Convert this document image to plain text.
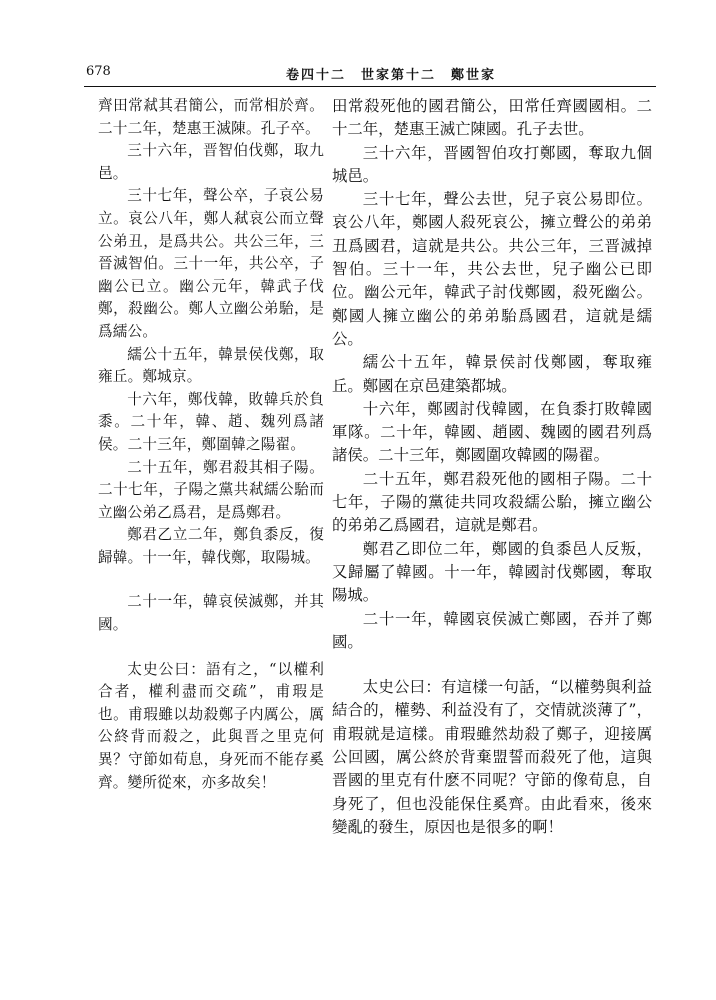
678	卷四十二　世家第十二　鄭世家

齊田常弒其君簡公，而常相於齊。二十二年，楚惠王滅陳。孔子卒。

三十六年，晋智伯伐鄭，取九邑。

三十七年，聲公卒，子哀公易立。哀公八年，鄭人弒哀公而立聲公弟丑，是爲共公。共公三年，三晉滅智伯。三十一年，共公卒，子幽公已立。幽公元年，韓武子伐鄭，殺幽公。鄭人立幽公弟駘，是爲繻公。

繻公十五年，韓景侯伐鄭，取雍丘。鄭城京。

十六年，鄭伐韓，敗韓兵於負黍。二十年，韓、趙、魏列爲諸侯。二十三年，鄭圍韓之陽翟。

二十五年，鄭君殺其相子陽。二十七年，子陽之黨共弒繻公駘而立幽公弟乙爲君，是爲鄭君。

鄭君乙立二年，鄭負黍反，復歸韓。十一年，韓伐鄭，取陽城。

二十一年，韓哀侯滅鄭，并其國。

太史公曰：語有之，“以權利合者，權利盡而交疏”，甫瑕是也。甫瑕雖以劫殺鄭子内厲公，厲公終背而殺之，此與晋之里克何異？守節如荀息，身死而不能存奚齊。變所從來，亦多故矣！

田常殺死他的國君簡公，田常任齊國國相。二十二年，楚惠王滅亡陳國。孔子去世。

三十六年，晋國智伯攻打鄭國，奪取九個城邑。

三十七年，聲公去世，兒子哀公易即位。哀公八年，鄭國人殺死哀公，擁立聲公的弟弟丑爲國君，這就是共公。共公三年，三晋滅掉智伯。三十一年，共公去世，兒子幽公已即位。幽公元年，韓武子討伐鄭國，殺死幽公。鄭國人擁立幽公的弟弟駘爲國君，這就是繻公。

繻公十五年，韓景侯討伐鄭國，奪取雍丘。鄭國在京邑建築都城。

十六年，鄭國討伐韓國，在負黍打敗韓國軍隊。二十年，韓國、趙國、魏國的國君列爲諸侯。二十三年，鄭國圍攻韓國的陽翟。

二十五年，鄭君殺死他的國相子陽。二十七年，子陽的黨徒共同攻殺繻公駘，擁立幽公的弟弟乙爲國君，這就是鄭君。

鄭君乙即位二年，鄭國的負黍邑人反叛，又歸屬了韓國。十一年，韓國討伐鄭國，奪取陽城。

二十一年，韓國哀侯滅亡鄭國，吞并了鄭國。

太史公曰：有這樣一句話，“以權勢與利益結合的，權勢、利益没有了，交情就淡薄了”，甫瑕就是這樣。甫瑕雖然劫殺了鄭子，迎接厲公回國，厲公終於背棄盟誓而殺死了他，這與晋國的里克有什麽不同呢？守節的像荀息，自身死了，但也没能保住奚齊。由此看來，後來變亂的發生，原因也是很多的啊！
